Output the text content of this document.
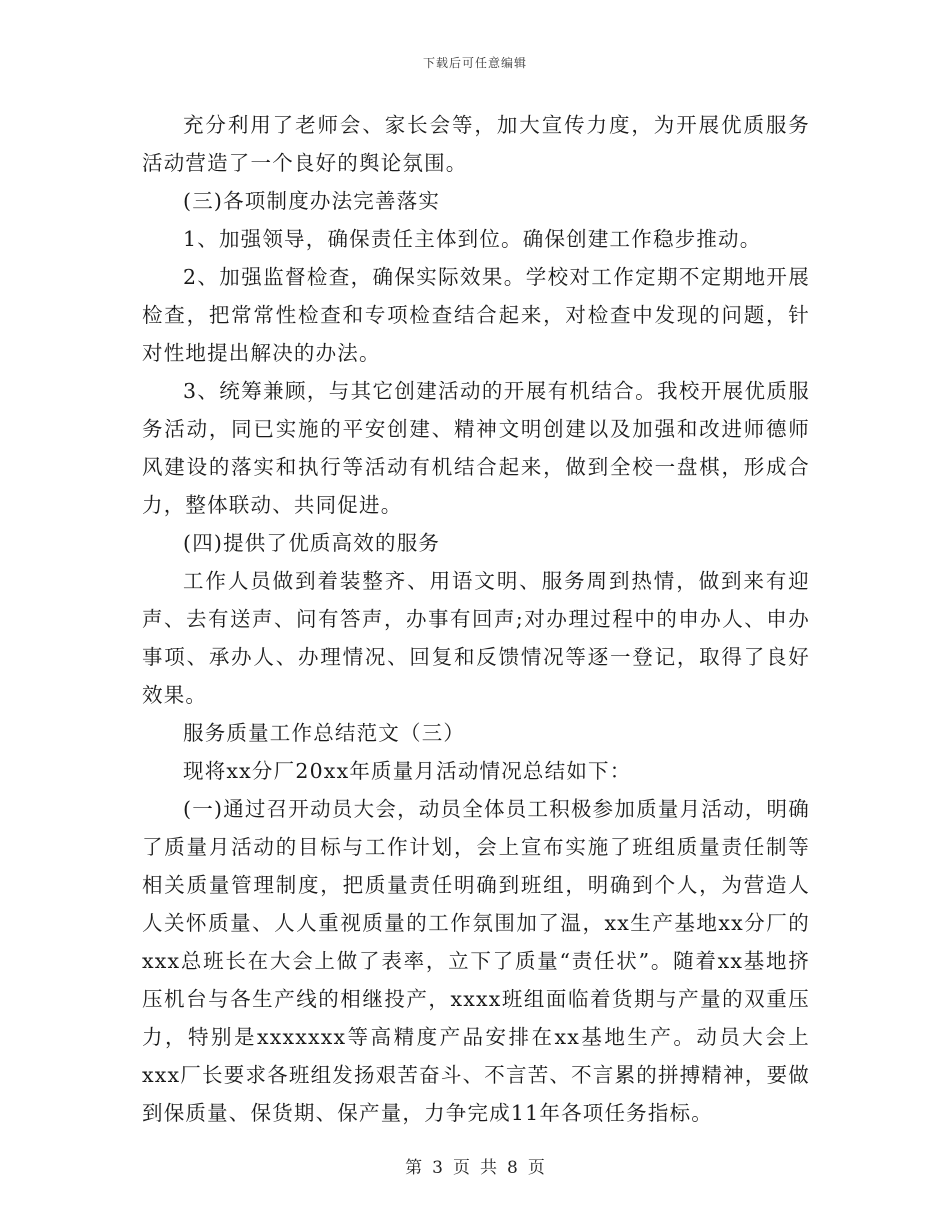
下载后可任意编辑

充分利用了老师会、家长会等，加大宣传力度，为开展优质服务活动营造了一个良好的舆论氛围。

(三)各项制度办法完善落实

1、加强领导，确保责任主体到位。确保创建工作稳步推动。

2、加强监督检查，确保实际效果。学校对工作定期不定期地开展检查，把常常性检查和专项检查结合起来，对检查中发现的问题，针对性地提出解决的办法。

3、统筹兼顾，与其它创建活动的开展有机结合。我校开展优质服务活动，同已实施的平安创建、精神文明创建以及加强和改进师德师风建设的落实和执行等活动有机结合起来，做到全校一盘棋，形成合力，整体联动、共同促进。

(四)提供了优质高效的服务

工作人员做到着装整齐、用语文明、服务周到热情，做到来有迎声、去有送声、问有答声，办事有回声;对办理过程中的申办人、申办事项、承办人、办理情况、回复和反馈情况等逐一登记，取得了良好效果。

服务质量工作总结范文（三）

现将xx分厂20xx年质量月活动情况总结如下：

(一)通过召开动员大会，动员全体员工积极参加质量月活动，明确了质量月活动的目标与工作计划，会上宣布实施了班组质量责任制等相关质量管理制度，把质量责任明确到班组，明确到个人，为营造人人关怀质量、人人重视质量的工作氛围加了温，xx生产基地xx分厂的xxx总班长在大会上做了表率，立下了质量“责任状”。随着xx基地挤压机台与各生产线的相继投产，xxxx班组面临着货期与产量的双重压力，特别是xxxxxxx等高精度产品安排在xx基地生产。动员大会上xxx厂长要求各班组发扬艰苦奋斗、不言苦、不言累的拼搏精神，要做到保质量、保货期、保产量，力争完成11年各项任务指标。

第 3 页 共 8 页
